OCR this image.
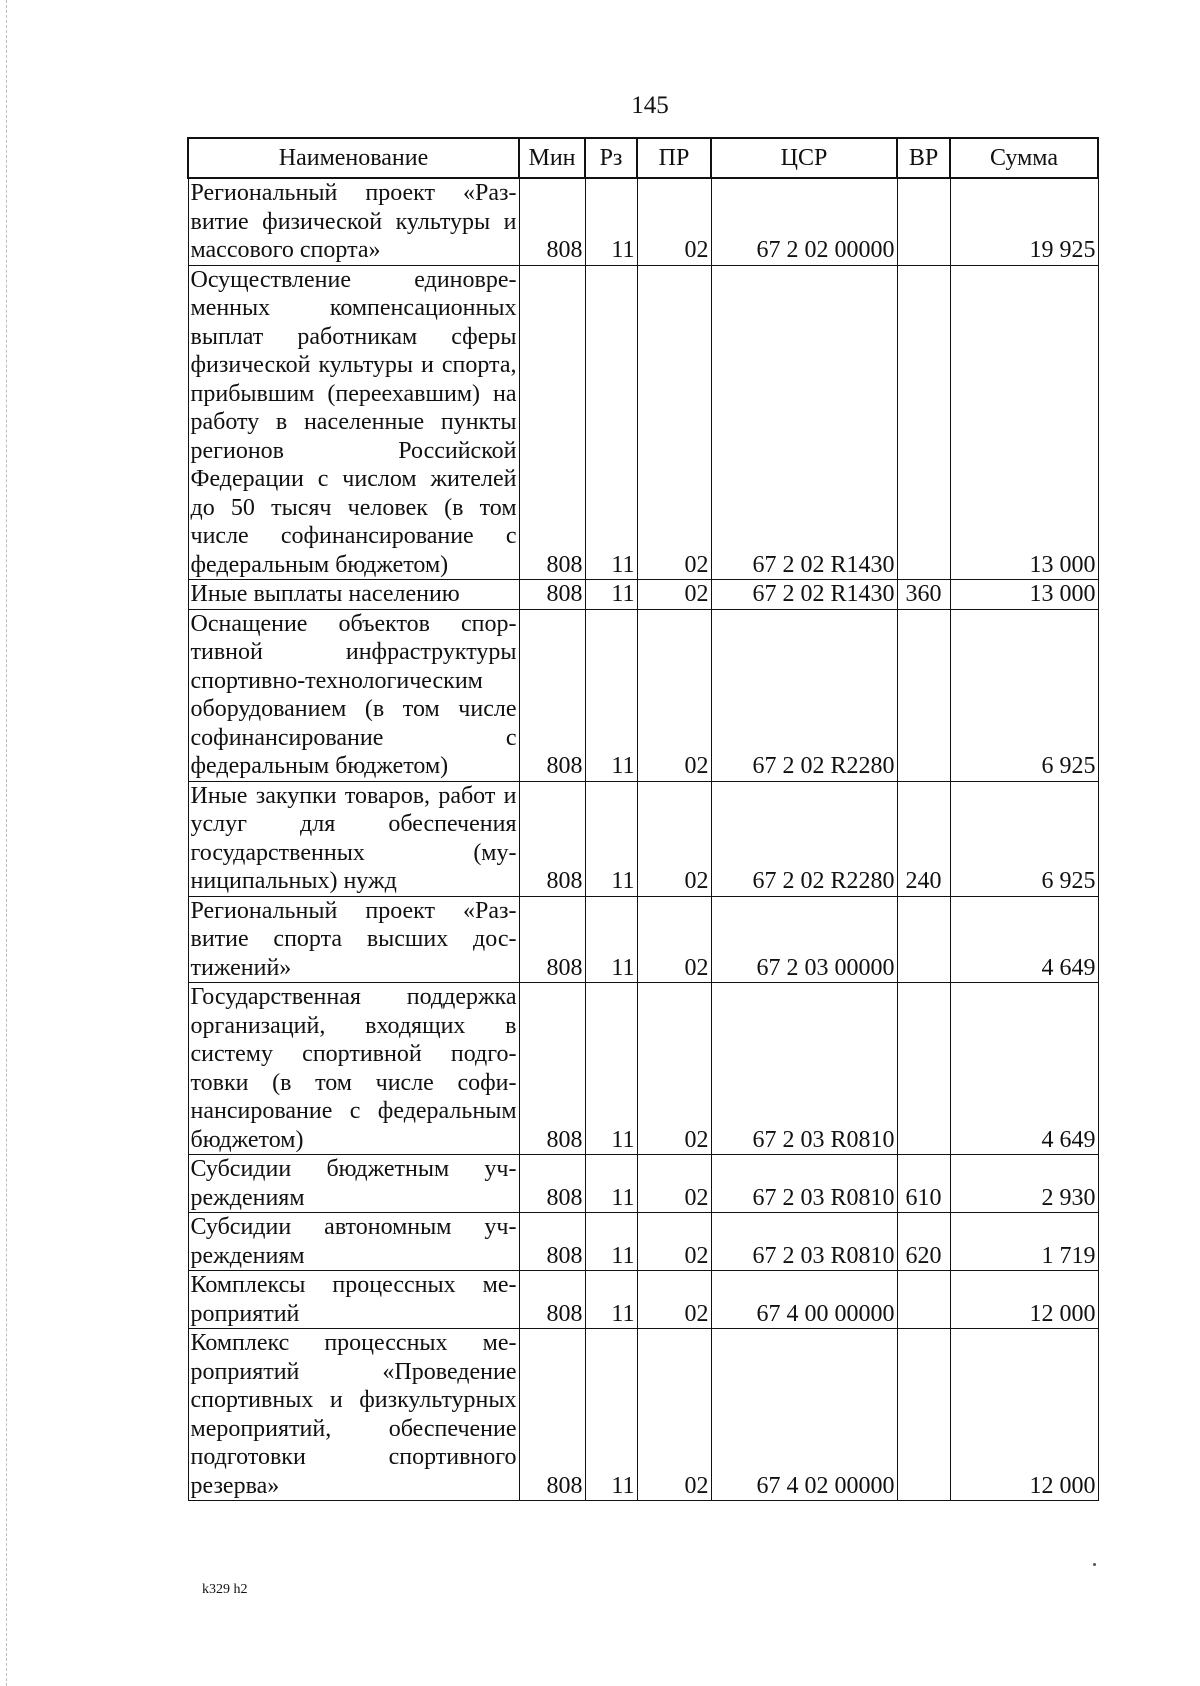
145
Наименование	Мин	Рз	ПР	ЦСР	ВР	Сумма
Региональный проект «Развитие физической культуры и массового спорта»	808	11	02	67 2 02 00000		19 925
Осуществление единовременных компенсационных выплат работникам сферы физической культуры и спорта, прибывшим (переехавшим) на работу в населенные пункты регионов Российской Федерации с числом жителей до 50 тысяч человек (в том числе софинансирование с федеральным бюджетом)	808	11	02	67 2 02 R1430		13 000
Иные выплаты населению	808	11	02	67 2 02 R1430	360	13 000
Оснащение объектов спортивной инфраструктуры спортивно-технологическим оборудованием (в том числе софинансирование с федеральным бюджетом)	808	11	02	67 2 02 R2280		6 925
Иные закупки товаров, работ и услуг для обеспечения государственных (муниципальных) нужд	808	11	02	67 2 02 R2280	240	6 925
Региональный проект «Развитие спорта высших достижений»	808	11	02	67 2 03 00000		4 649
Государственная поддержка организаций, входящих в систему спортивной подготовки (в том числе софинансирование с федеральным бюджетом)	808	11	02	67 2 03 R0810		4 649
Субсидии бюджетным учреждениям	808	11	02	67 2 03 R0810	610	2 930
Субсидии автономным учреждениям	808	11	02	67 2 03 R0810	620	1 719
Комплексы процессных мероприятий	808	11	02	67 4 00 00000		12 000
Комплекс процессных мероприятий «Проведение спортивных и физкультурных мероприятий, обеспечение подготовки спортивного резерва»	808	11	02	67 4 02 00000		12 000

k329 h2
